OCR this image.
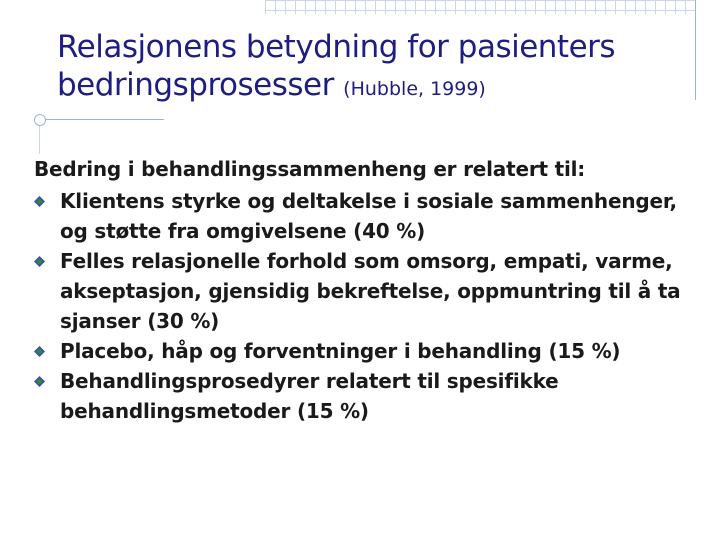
Relasjonens betydning for pasienters
bedringsprosesser (Hubble, 1999)

Bedring i behandlingssammenheng er relatert til:

Klientens styrke og deltakelse i sosiale sammenhenger, og støtte fra omgivelsene (40 %)
Felles relasjonelle forhold som omsorg, empati, varme, akseptasjon, gjensidig bekreftelse, oppmuntring til å ta sjanser (30 %)
Placebo, håp og forventninger i behandling (15 %)
Behandlingsprosedyrer relatert til spesifikke behandlingsmetoder (15 %)
